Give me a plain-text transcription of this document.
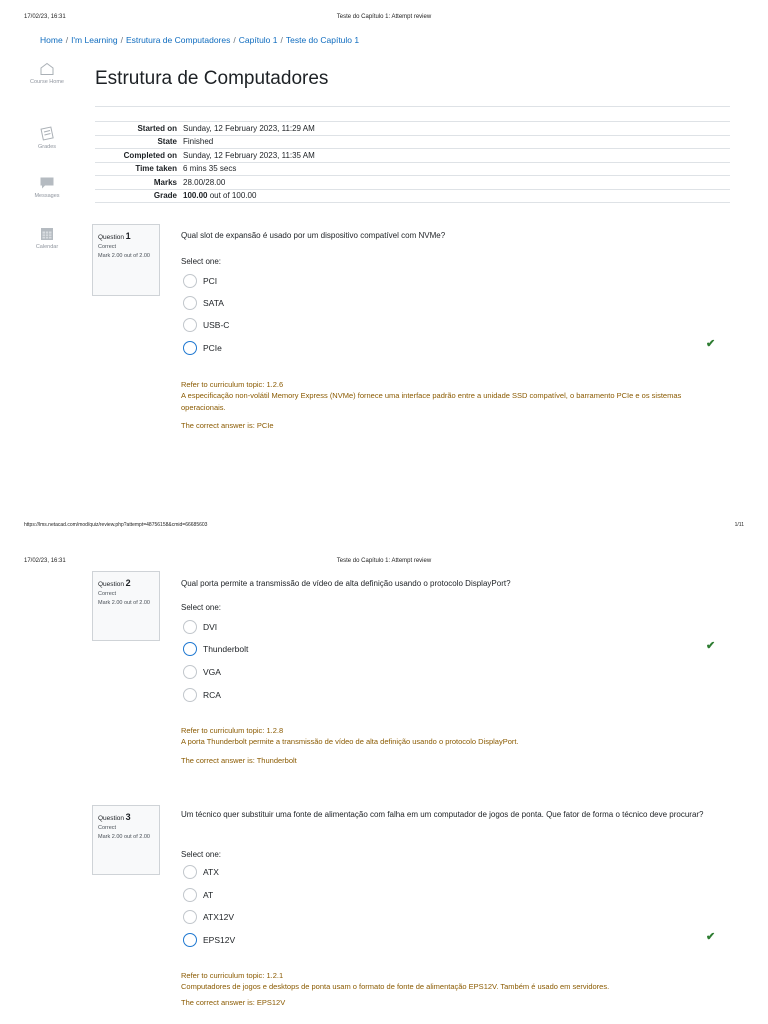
17/02/23, 16:31	Teste do Capítulo 1: Attempt review
Home / I'm Learning / Estrutura de Computadores / Capítulo 1 / Teste do Capítulo 1
Course Home
Grades
Messages
Calendar
Estrutura de Computadores
Started on	Sunday, 12 February 2023, 11:29 AM
State	Finished
Completed on	Sunday, 12 February 2023, 11:35 AM
Time taken	6 mins 35 secs
Marks	28.00/28.00
Grade	100.00 out of 100.00
Question 1
Correct
Mark 2.00 out of 2.00
Qual slot de expansão é usado por um dispositivo compatível com NVMe?
Select one:
PCI
SATA
USB-C
PCIe	✔

Refer to curriculum topic: 1.2.6

A especificação non-volátil Memory Express (NVMe) fornece uma interface padrão entre a unidade SSD compatível, o barramento PCIe e os sistemas operacionais.

The correct answer is: PCIe

https://lms.netacad.com/mod/quiz/review.php?attempt=48756158&cmid=66685603	1/11
17/02/23, 16:31	Teste do Capítulo 1: Attempt review
Question 2
Correct
Mark 2.00 out of 2.00
Qual porta permite a transmissão de vídeo de alta definição usando o protocolo DisplayPort?
Select one:
DVI
Thunderbolt
VGA
RCA
✔

Refer to curriculum topic: 1.2.8

A porta Thunderbolt permite a transmissão de vídeo de alta definição usando o protocolo DisplayPort.

The correct answer is: Thunderbolt

Question 3
Correct
Mark 2.00 out of 2.00
Um técnico quer substituir uma fonte de alimentação com falha em um computador de jogos de ponta. Que fator de forma o técnico deve procurar?
Select one:
ATX
AT
ATX12V
EPS12V	✔

Refer to curriculum topic: 1.2.1

Computadores de jogos e desktops de ponta usam o formato de fonte de alimentação EPS12V. Também é usado em servidores.

The correct answer is: EPS12V
